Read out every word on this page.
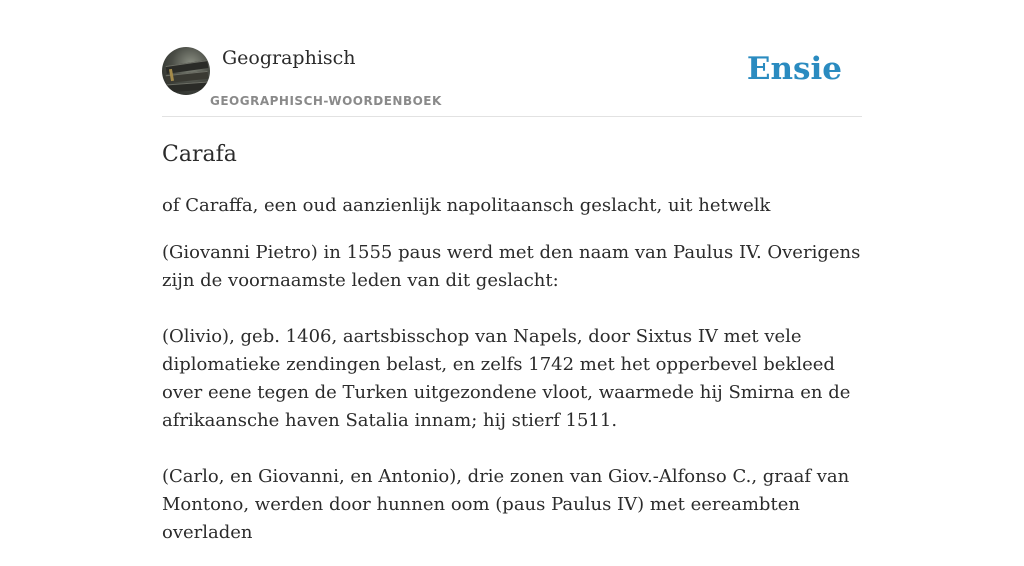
Geographisch
GEOGRAPHISCH-WOORDENBOEK
Ensie
Carafa

of Caraffa, een oud aanzienlijk napolitaansch geslacht, uit hetwelk

(Giovanni Pietro) in 1555 paus werd met den naam van Paulus IV. Overigens zijn de voornaamste leden van dit geslacht:

(Olivio), geb. 1406, aartsbisschop van Napels, door Sixtus IV met vele diplomatieke zendingen belast, en zelfs 1742 met het opperbevel bekleed over eene tegen de Turken uitgezondene vloot, waarmede hij Smirna en de afrikaansche haven Satalia innam; hij stierf 1511.

(Carlo, en Giovanni, en Antonio), drie zonen van Giov.-Alfonso C., graaf van Montono, werden door hunnen oom (paus Paulus IV) met eereambten overladen
